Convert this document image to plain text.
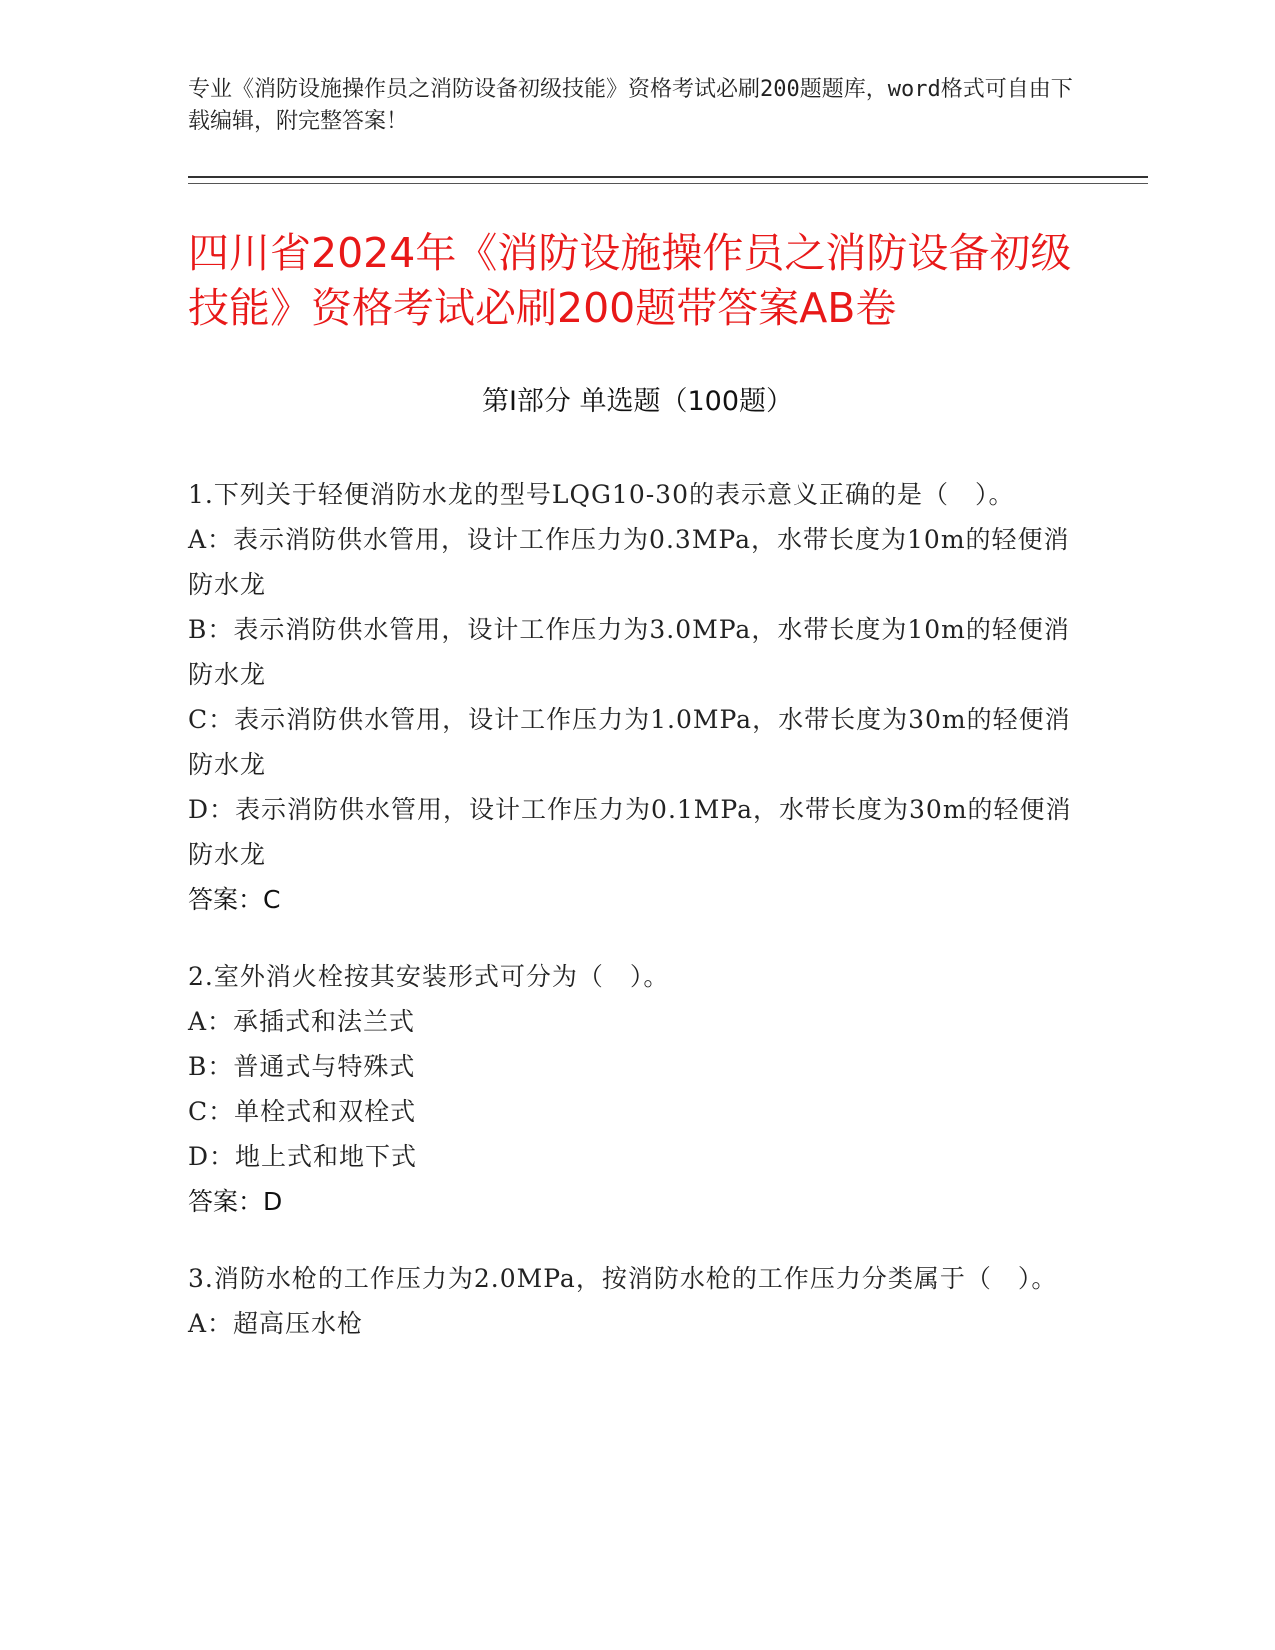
专业《消防设施操作员之消防设备初级技能》资格考试必刷200题题库，word格式可自由下载编辑，附完整答案！
四川省2024年《消防设施操作员之消防设备初级技能》资格考试必刷200题带答案AB卷
第Ⅰ部分 单选题（100题）
1.下列关于轻便消防水龙的型号LQG10-30的表示意义正确的是（　）。
A：表示消防供水管用，设计工作压力为0.3MPa，水带长度为10m的轻便消防水龙
B：表示消防供水管用，设计工作压力为3.0MPa，水带长度为10m的轻便消防水龙
C：表示消防供水管用，设计工作压力为1.0MPa，水带长度为30m的轻便消防水龙
D：表示消防供水管用，设计工作压力为0.1MPa，水带长度为30m的轻便消防水龙
答案：C
2.室外消火栓按其安装形式可分为（　）。
A：承插式和法兰式
B：普通式与特殊式
C：单栓式和双栓式
D：地上式和地下式
答案：D
3.消防水枪的工作压力为2.0MPa，按消防水枪的工作压力分类属于（　）。
A：超高压水枪
